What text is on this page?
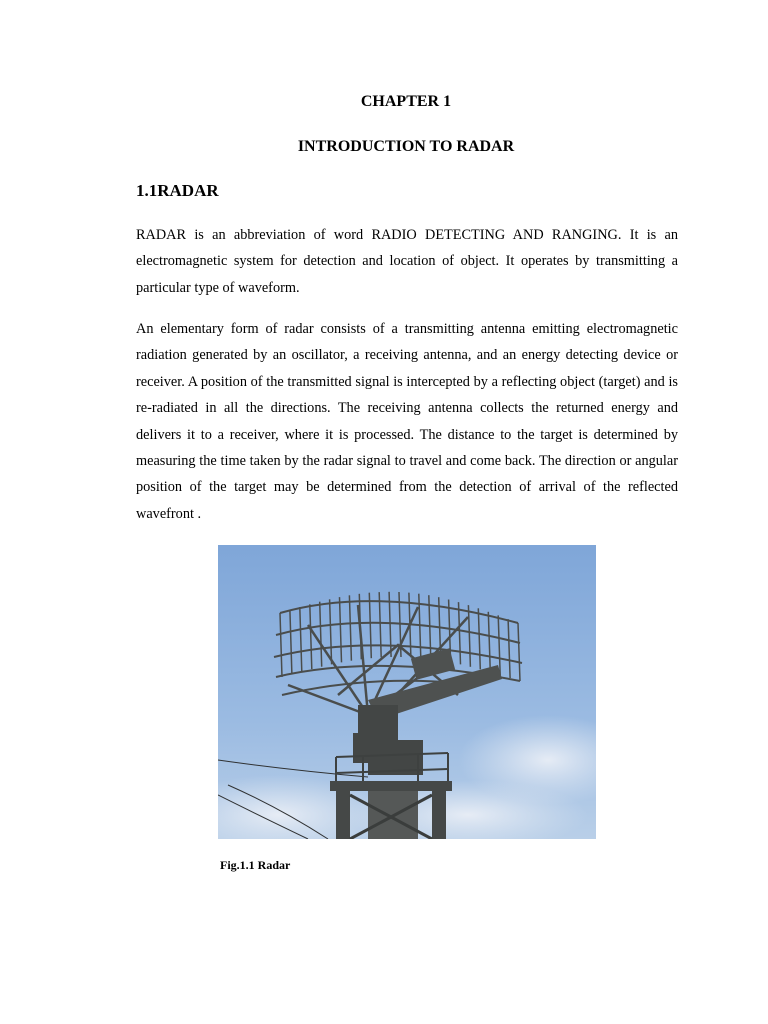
CHAPTER 1
INTRODUCTION TO RADAR
1.1RADAR

RADAR is an abbreviation of word RADIO DETECTING AND RANGING. It is an electromagnetic system for detection and location of object. It operates by transmitting a particular type of waveform.

An elementary form of radar consists of a transmitting antenna emitting electromagnetic radiation generated by an oscillator, a receiving antenna, and an energy detecting device or receiver. A position of the transmitted signal is intercepted by a reflecting object (target) and is re-radiated in all the directions. The receiving antenna collects the returned energy and delivers it to a receiver, where it is processed. The distance to the target is determined by measuring the time taken by the radar signal to travel and come back. The direction or angular position of the target may be determined from the detection of arrival of the reflected wavefront .

Fig.1.1 Radar
